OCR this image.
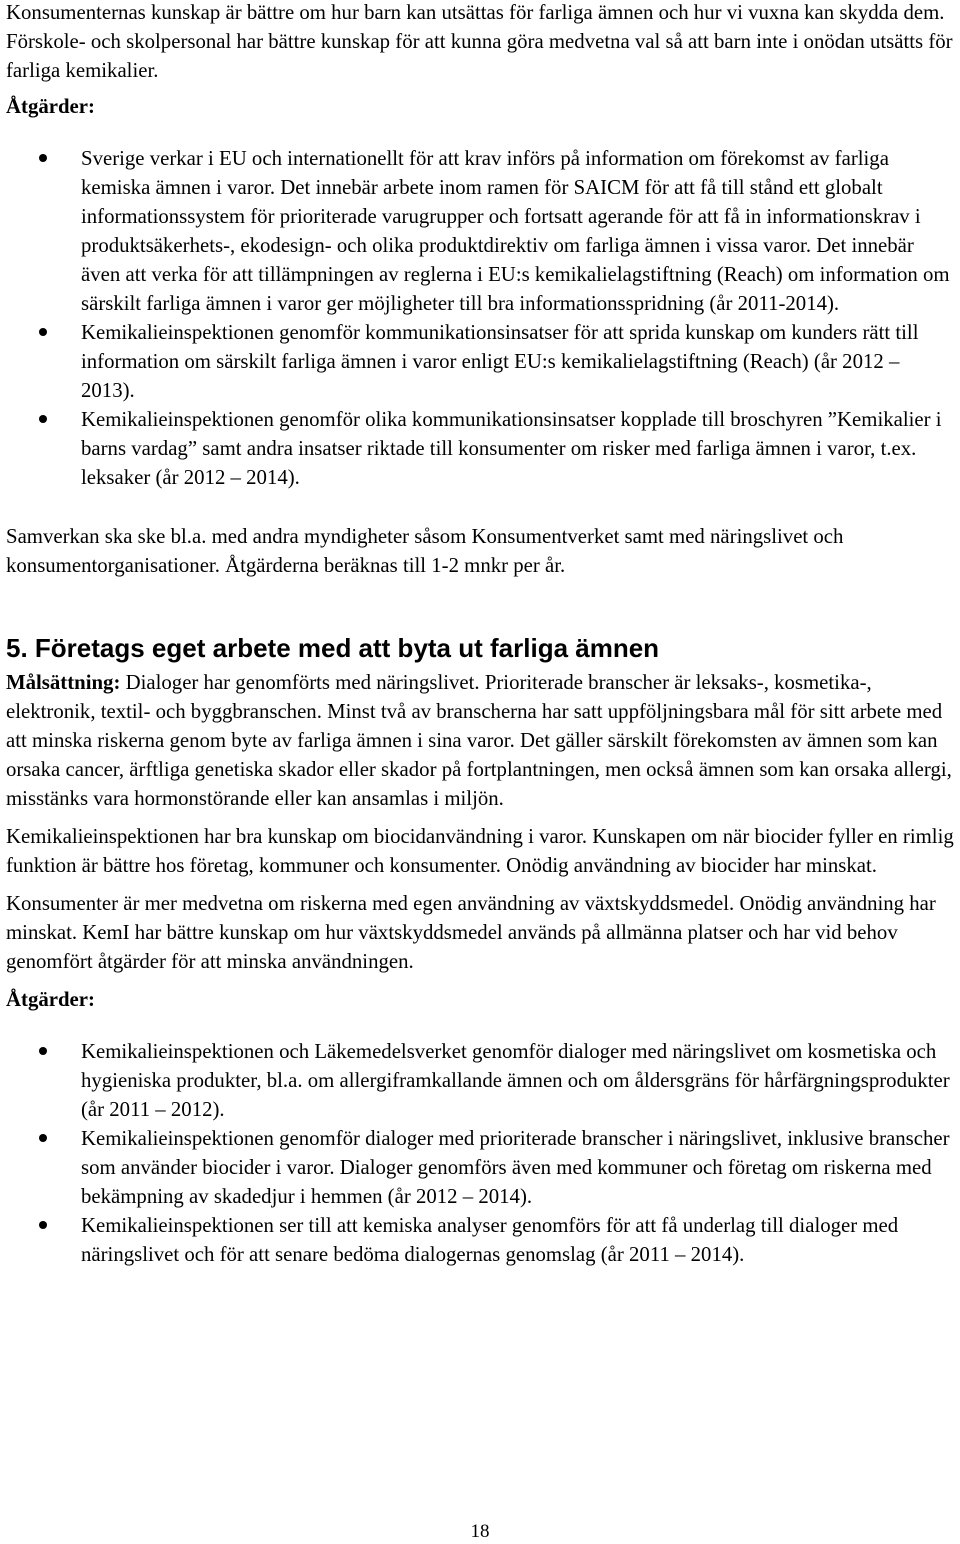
Konsumenternas kunskap är bättre om hur barn kan utsättas för farliga ämnen och hur vi vuxna kan skydda dem. Förskole- och skolpersonal har bättre kunskap för att kunna göra medvetna val så att barn inte i onödan utsätts för farliga kemikalier.

Åtgärder:

Sverige verkar i EU och internationellt för att krav införs på information om förekomst av farliga kemiska ämnen i varor. Det innebär arbete inom ramen för SAICM för att få till stånd ett globalt informationssystem för prioriterade varugrupper och fortsatt agerande för att få in informationskrav i produktsäkerhets-, ekodesign- och olika produktdirektiv om farliga ämnen i vissa varor. Det innebär även att verka för att tillämpningen av reglerna i EU:s kemikalielagstiftning (Reach) om information om särskilt farliga ämnen i varor ger möjligheter till bra informationsspridning (år 2011-2014).
Kemikalieinspektionen genomför kommunikationsinsatser för att sprida kunskap om kunders rätt till information om särskilt farliga ämnen i varor enligt EU:s kemikalielagstiftning (Reach) (år 2012 – 2013).
Kemikalieinspektionen genomför olika kommunikationsinsatser kopplade till broschyren ”Kemikalier i barns vardag” samt andra insatser riktade till konsumenter om risker med farliga ämnen i varor, t.ex. leksaker (år 2012 – 2014).

Samverkan ska ske bl.a. med andra myndigheter såsom Konsumentverket samt med näringslivet och konsumentorganisationer. Åtgärderna beräknas till 1-2 mnkr per år.

5. Företags eget arbete med att byta ut farliga ämnen

Målsättning: Dialoger har genomförts med näringslivet. Prioriterade branscher är leksaks-, kosmetika-, elektronik, textil- och byggbranschen. Minst två av branscherna har satt uppföljningsbara mål för sitt arbete med att minska riskerna genom byte av farliga ämnen i sina varor. Det gäller särskilt förekomsten av ämnen som kan orsaka cancer, ärftliga genetiska skador eller skador på fortplantningen, men också ämnen som kan orsaka allergi, misstänks vara hormonstörande eller kan ansamlas i miljön.

Kemikalieinspektionen har bra kunskap om biocidanvändning i varor. Kunskapen om när biocider fyller en rimlig funktion är bättre hos företag, kommuner och konsumenter. Onödig användning av biocider har minskat.

Konsumenter är mer medvetna om riskerna med egen användning av växtskyddsmedel. Onödig användning har minskat. KemI har bättre kunskap om hur växtskyddsmedel används på allmänna platser och har vid behov genomfört åtgärder för att minska användningen.

Åtgärder:

Kemikalieinspektionen och Läkemedelsverket genomför dialoger med näringslivet om kosmetiska och hygieniska produkter, bl.a. om allergiframkallande ämnen och om åldersgräns för hårfärgningsprodukter (år 2011 – 2012).
Kemikalieinspektionen genomför dialoger med prioriterade branscher i näringslivet, inklusive branscher som använder biocider i varor. Dialoger genomförs även med kommuner och företag om riskerna med bekämpning av skadedjur i hemmen (år 2012 – 2014).
Kemikalieinspektionen ser till att kemiska analyser genomförs för att få underlag till dialoger med näringslivet och för att senare bedöma dialogernas genomslag (år 2011 – 2014).
18
